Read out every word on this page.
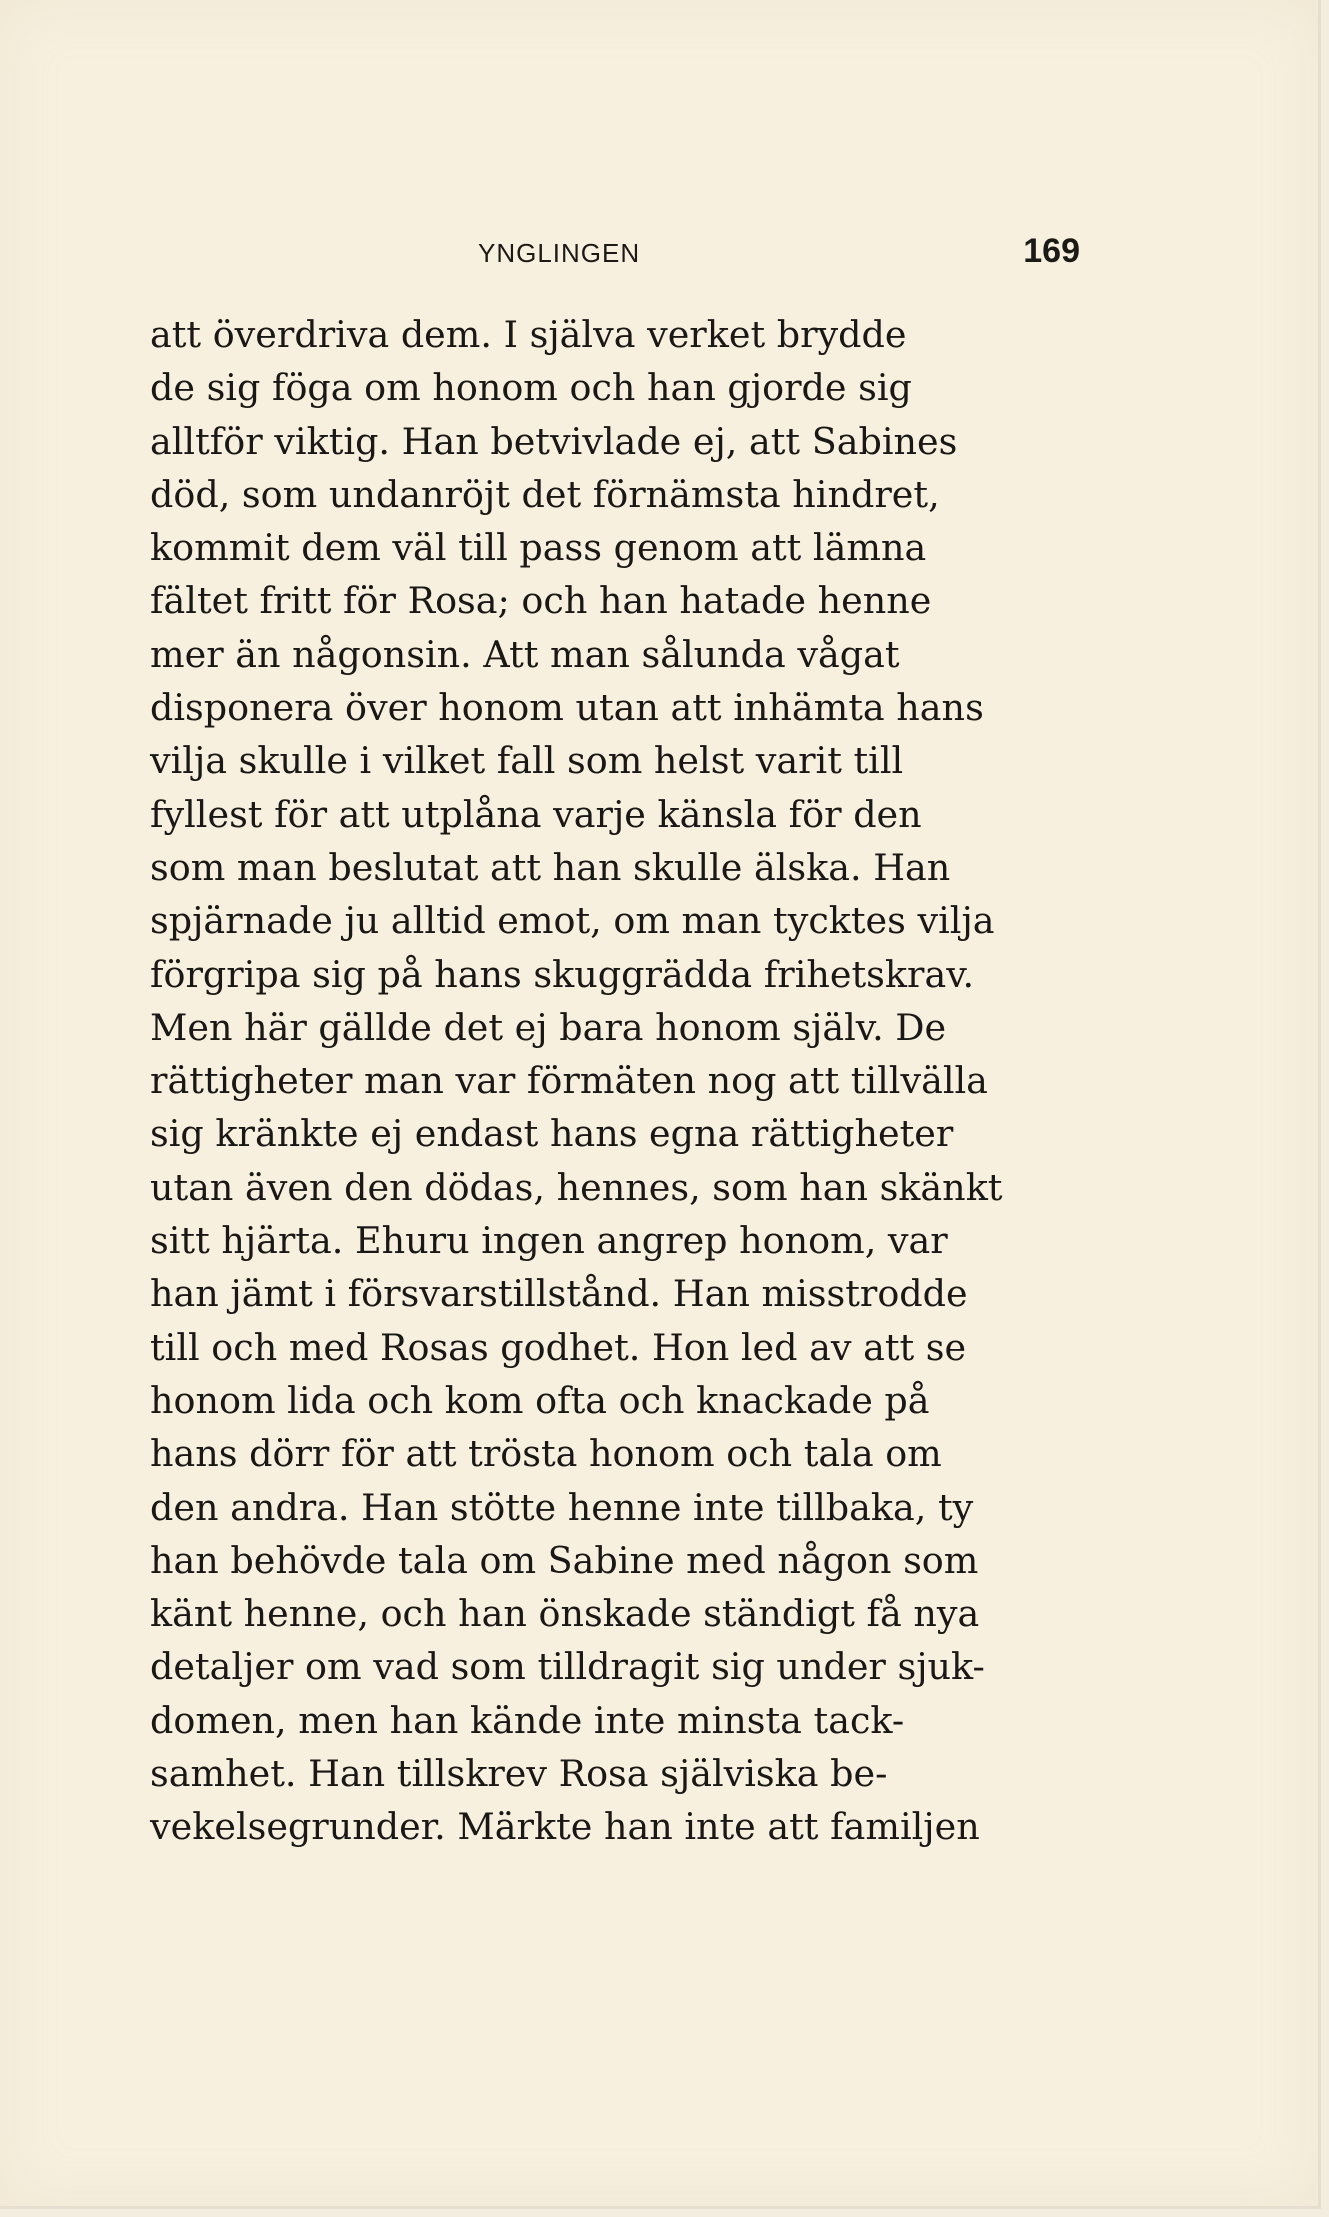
YNGLINGEN	169
att överdriva dem. I själva verket brydde
de sig föga om honom och han gjorde sig
alltför viktig. Han betvivlade ej, att Sabines
död, som undanröjt det förnämsta hindret,
kommit dem väl till pass genom att lämna
fältet fritt för Rosa; och han hatade henne
mer än någonsin. Att man sålunda vågat
disponera över honom utan att inhämta hans
vilja skulle i vilket fall som helst varit till
fyllest för att utplåna varje känsla för den
som man beslutat att han skulle älska. Han
spjärnade ju alltid emot, om man tycktes vilja
förgripa sig på hans skuggrädda frihetskrav.
Men här gällde det ej bara honom själv. De
rättigheter man var förmäten nog att tillvälla
sig kränkte ej endast hans egna rättigheter
utan även den dödas, hennes, som han skänkt
sitt hjärta. Ehuru ingen angrep honom, var
han jämt i försvarstillstånd. Han misstrodde
till och med Rosas godhet. Hon led av att se
honom lida och kom ofta och knackade på
hans dörr för att trösta honom och tala om
den andra. Han stötte henne inte tillbaka, ty
han behövde tala om Sabine med någon som
känt henne, och han önskade ständigt få nya
detaljer om vad som tilldragit sig under sjuk-
domen, men han kände inte minsta tack-
samhet. Han tillskrev Rosa själviska be-
vekelsegrunder. Märkte han inte att familjen
